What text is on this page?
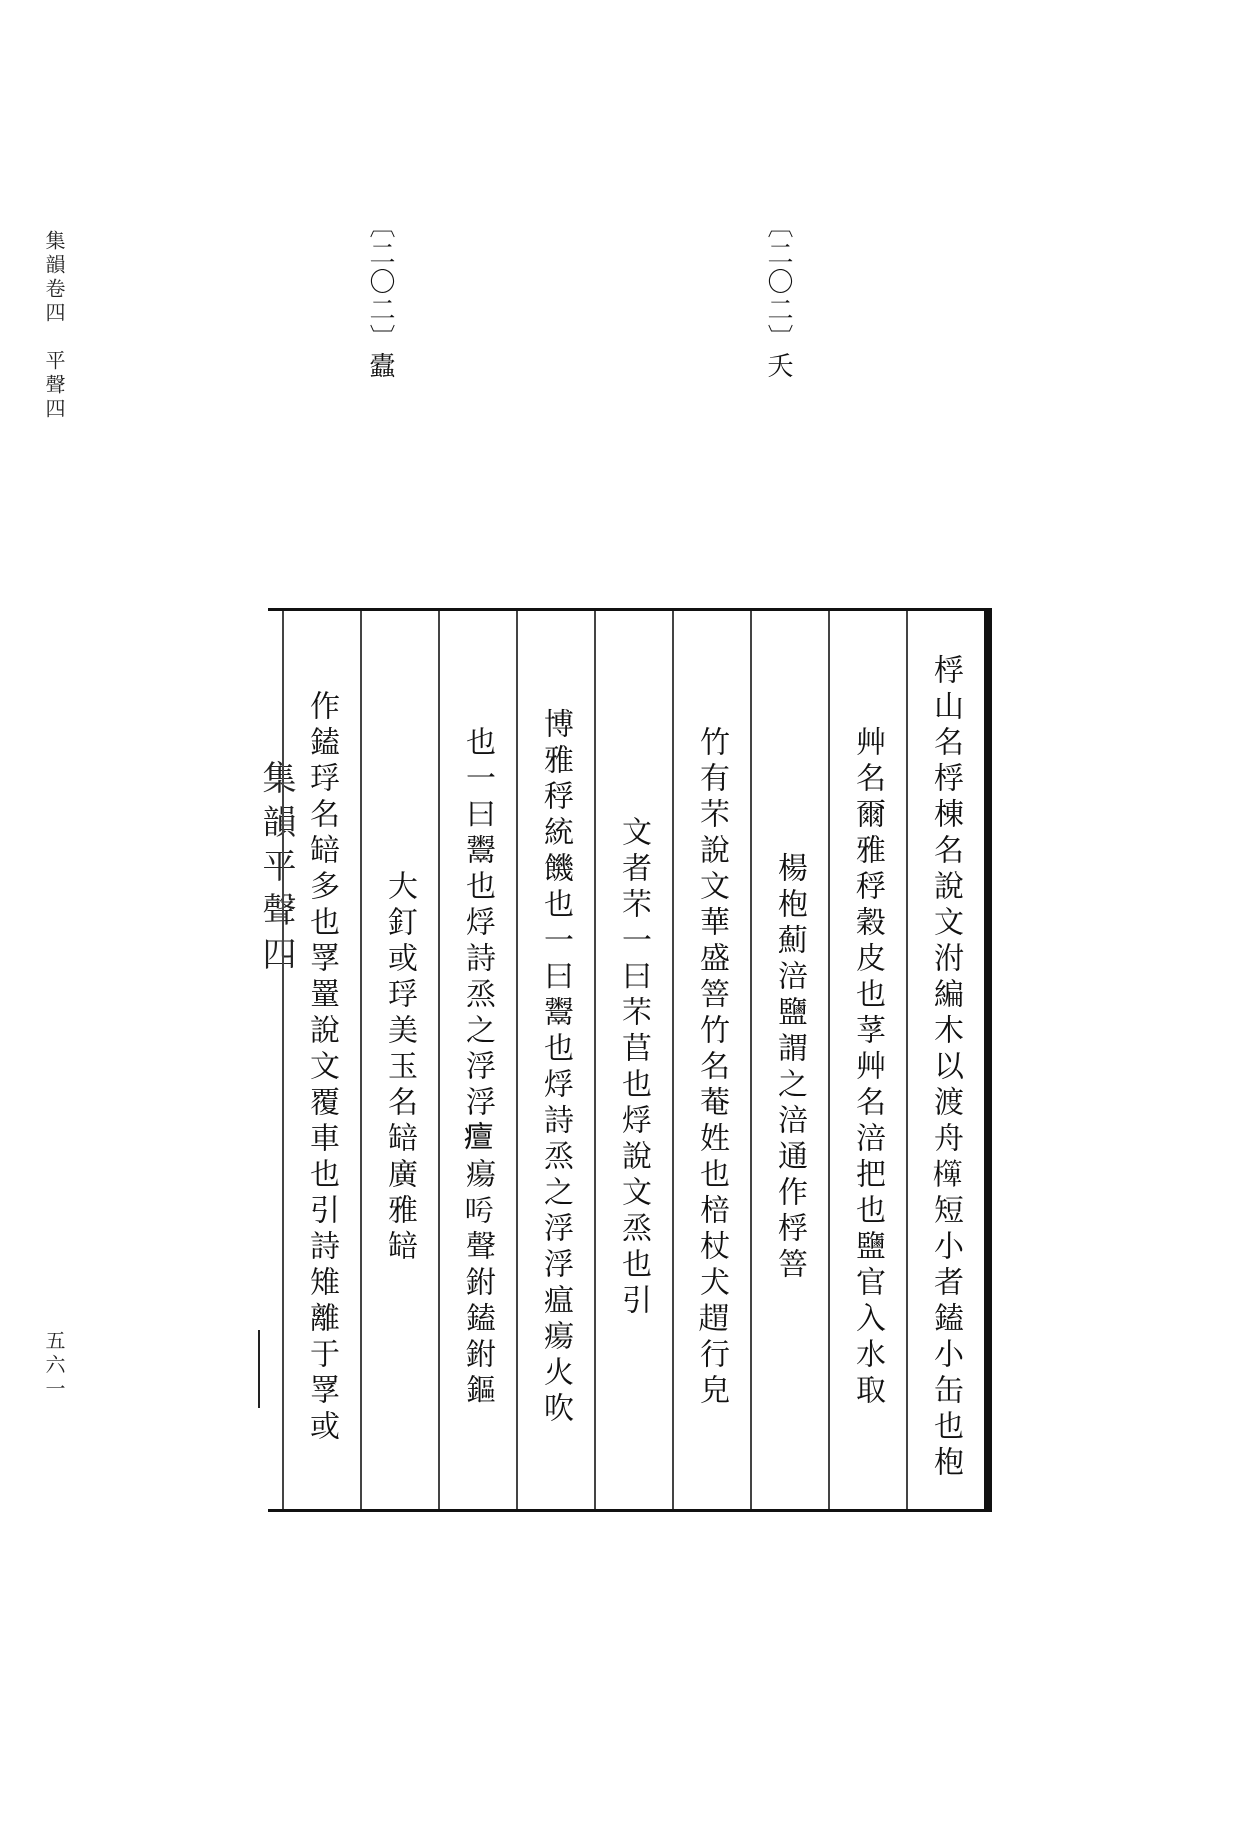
集韻卷四　平聲四
五六一
〔二〇二〕蠹	〔二〇二〕夭
集韻平聲四	桴山名桴棟名說文泭編木以渡舟𣝁短小者鎑小缶也枹
艸名爾雅稃穀皮也莩艸名涪把也鹽官入水取
楊枹薊涪鹽謂之涪通作桴箁
竹有芣說文華盛箁竹名菴姓也棓杖犬𧼫行皃
文者芣一曰芣苢也烰說文烝也引
博雅稃統饑也一曰鬻也烰詩烝之浮浮瘟瘍火吹
也一曰鬻也烰詩烝之浮浮𤺺瘍𠰗聲鉜鎑鉜鏂
大釘或琈美玉名䍌廣雅䍌
作鎑琈名䍌多也罦罿說文覆車也引詩雉離于罦或
